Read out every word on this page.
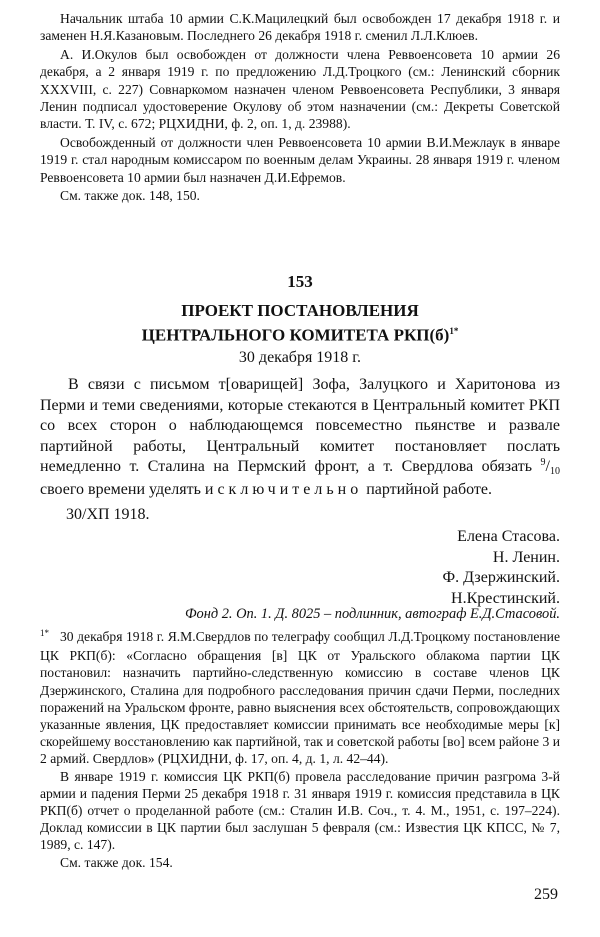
Начальник штаба 10 армии С.К.Мацилецкий был освобожден 17 декабря 1918 г. и заменен Н.Я.Казановым. Последнего 26 декабря 1918 г. сменил Л.Л.Клюев.

А. И.Окулов был освобожден от должности члена Реввоенсовета 10 армии 26 декабря, а 2 января 1919 г. по предложению Л.Д.Троцкого (см.: Ленинский сборник XXXVIII, с. 227) Совнаркомом назначен членом Реввоенсовета Республики, 3 января Ленин подписал удостоверение Окулову об этом назначении (см.: Декреты Советской власти. Т. IV, с. 672; РЦХИДНИ, ф. 2, оп. 1, д. 23988).

Освобожденный от должности член Реввоенсовета 10 армии В.И.Межлаук в январе 1919 г. стал народным комиссаром по военным делам Украины. 28 января 1919 г. членом Реввоенсовета 10 армии был назначен Д.И.Ефремов.

См. также док. 148, 150.

153
ПРОЕКТ ПОСТАНОВЛЕНИЯ
ЦЕНТРАЛЬНОГО КОМИТЕТА $РКП(б)^{1*}$
30 декабря 1918 г.

В связи с письмом т[оварищей] Зофа, Залуцкого и Харитонова из Перми и теми сведениями, которые стекаются в Центральный комитет РКП со всех сторон о наблюдающемся повсеместно пьянстве и развале партийной работы, Центральный комитет постановляет послать немедленно т. Сталина на Пермский фронт, а т. Свердлова обязать $^9$/10 своего времени уделять исключительно партийной работе.

30/ХП 1918.
Елена Стасова.
Н. Ленин.
Ф. Дзержинский.
Н.Крестинский.
Фонд 2. Оп. 1. Д. 8025 – подлинник, автограф Е.Д.Стасовой.

1* 30 декабря 1918 г. Я.М.Свердлов по телеграфу сообщил Л.Д.Троцкому постановление ЦК РКП(б): «Согласно обращения [в] ЦК от Уральского облакома партии ЦК постановил: назначить партийно-следственную комиссию в составе членов ЦК Дзержинского, Сталина для подробного расследования причин сдачи Перми, последних поражений на Уральском фронте, равно выяснения всех обстоятельств, сопровождающих указанные явления, ЦК предоставляет комиссии принимать все необходимые меры [к] скорейшему восстановлению как партийной, так и советской работы [во] всем районе 3 и 2 армий. Свердлов» (РЦХИДНИ, ф. 17, оп. 4, д. 1, л. 42–44).

В январе 1919 г. комиссия ЦК РКП(б) провела расследование причин разгрома 3-й армии и падения Перми 25 декабря 1918 г. 31 января 1919 г. комиссия представила в ЦК РКП(б) отчет о проделанной работе (см.: Сталин И.В. Соч., т. 4. М., 1951, с. 197–224). Доклад комиссии в ЦК партии был заслушан 5 февраля (см.: Известия ЦК КПСС, № 7, 1989, с. 147).

См. также док. 154.

259
